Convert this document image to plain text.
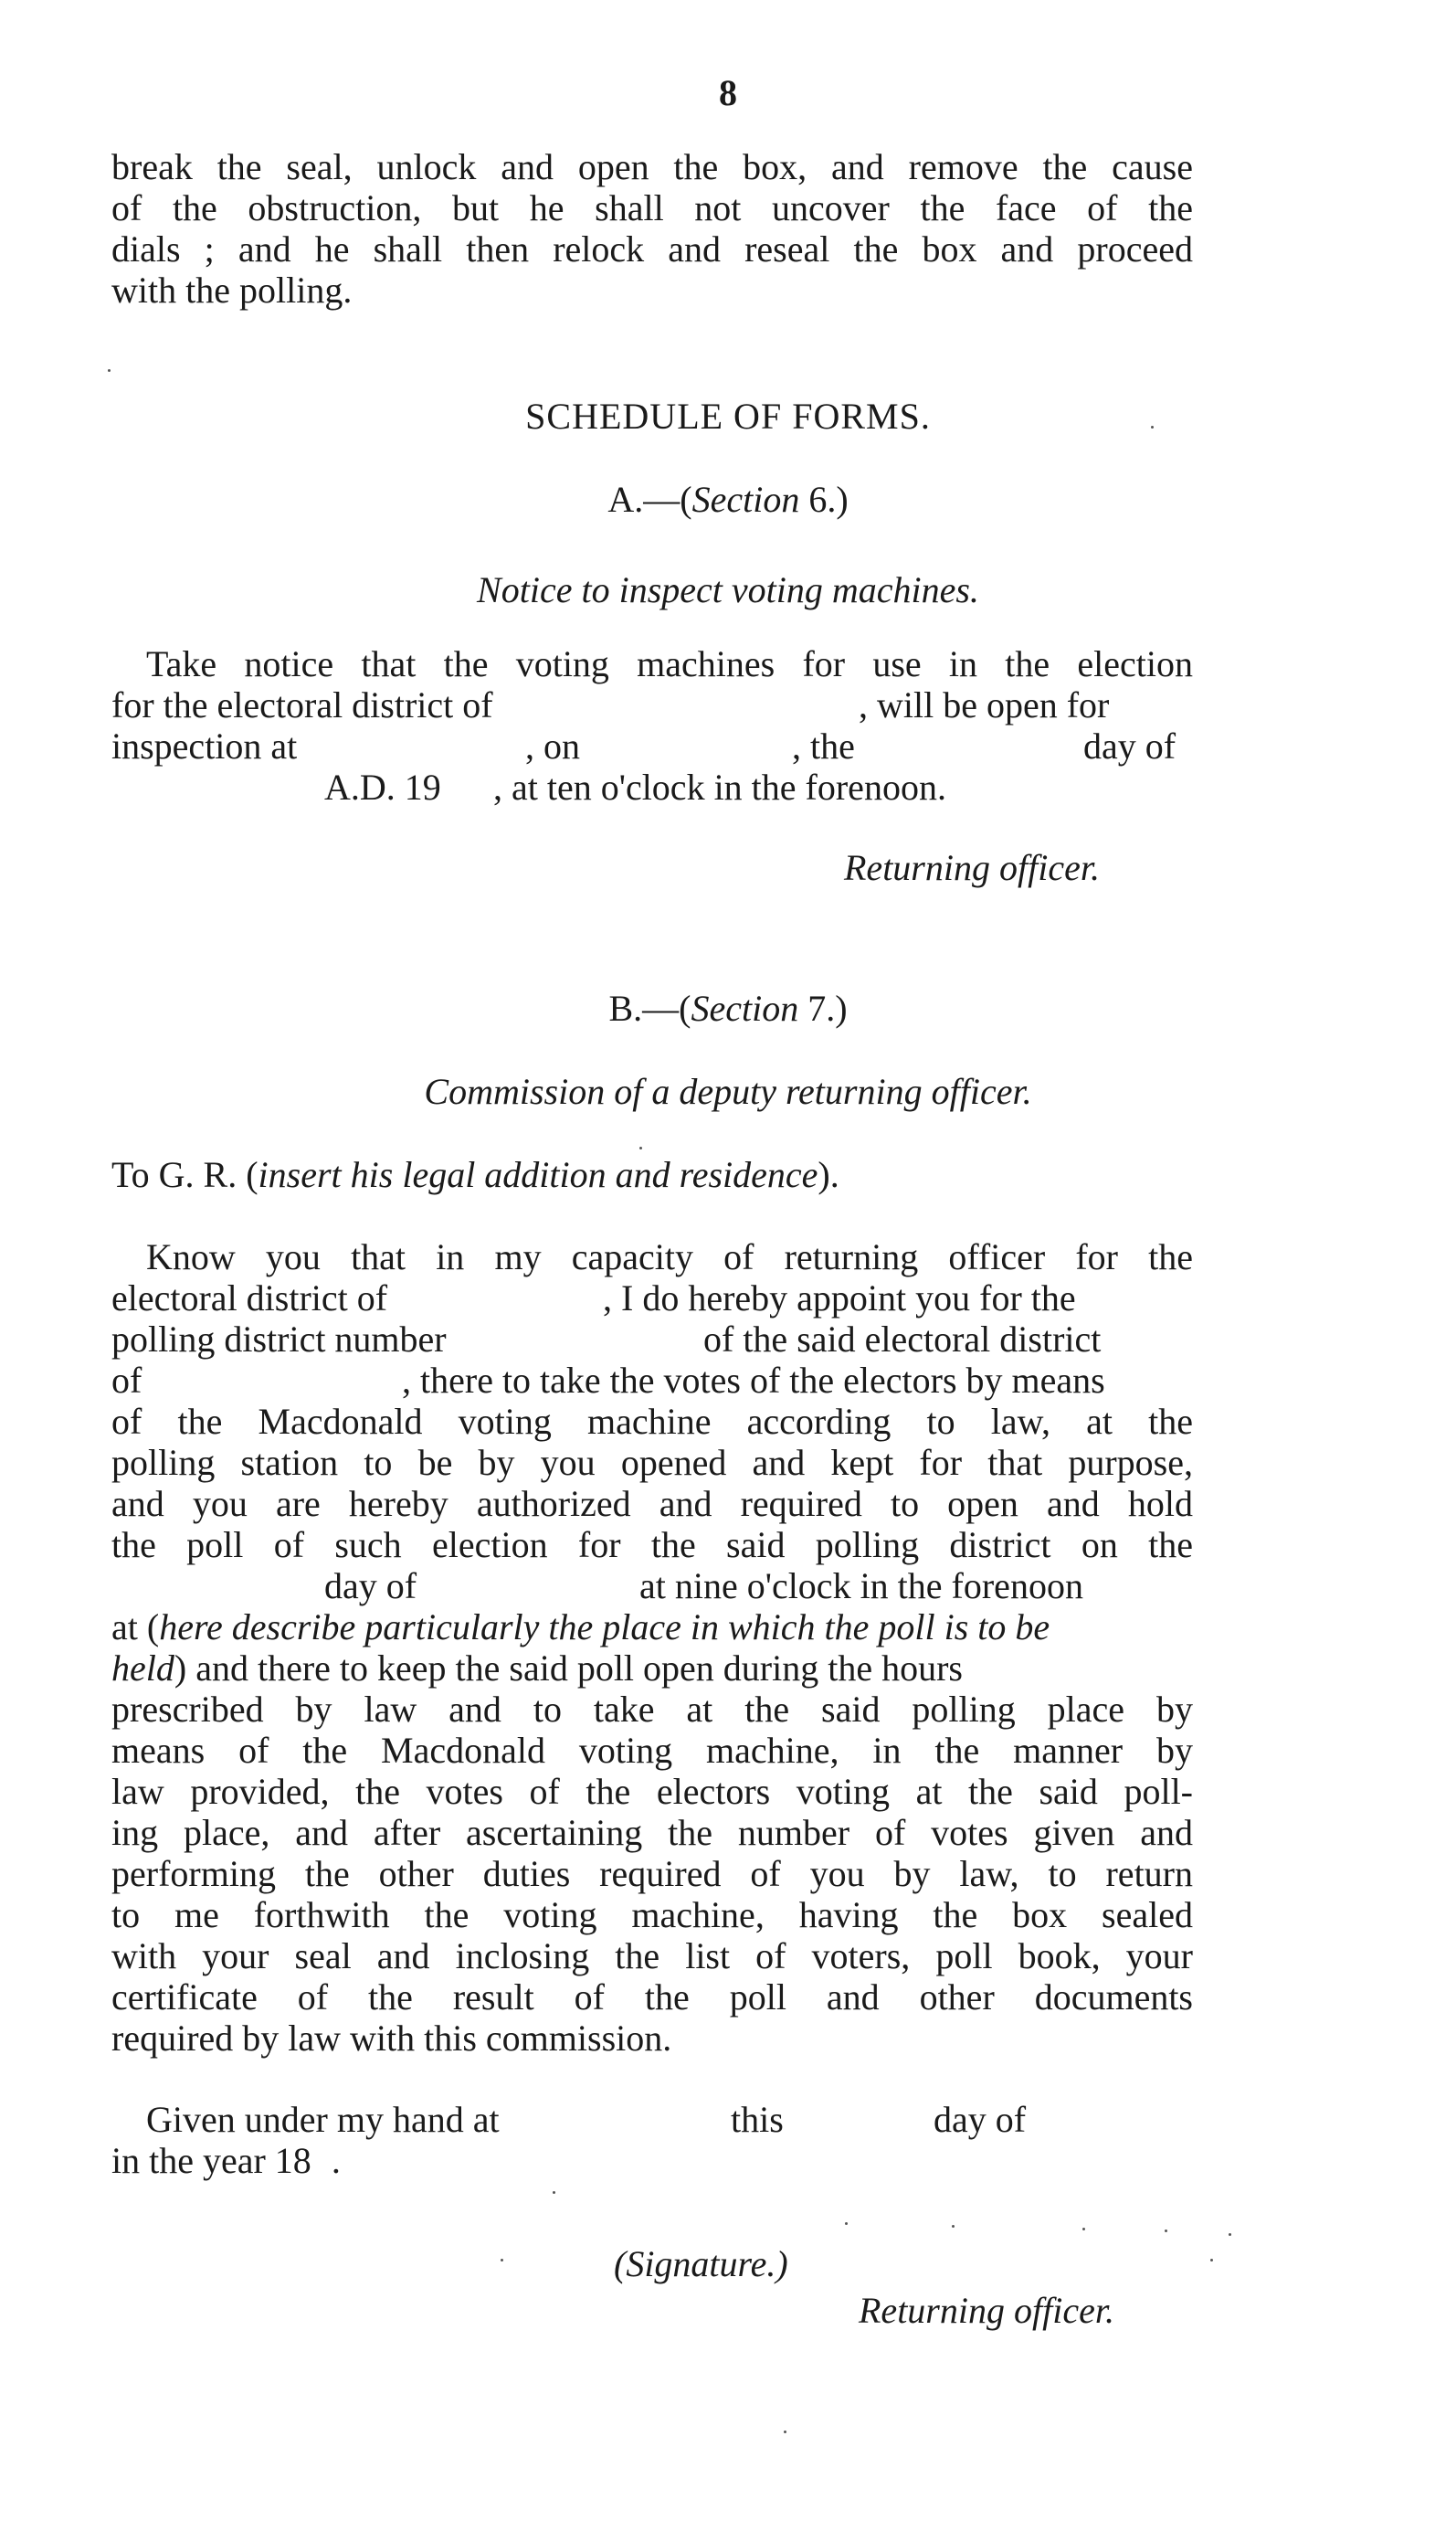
8
break the seal, unlock and open the box, and remove the cause
of the obstruction, but he shall not uncover the face of the
dials ; and he shall then relock and reseal the box and proceed
with the polling.
SCHEDULE OF FORMS.
A.—(Section 6.)
Notice to inspect voting machines.
Take notice that the voting machines for use in the election
for the electoral district of	, will be open for
inspection at	, on	, the	day of
A.D. 19 , at ten o'clock in the forenoon.
Returning officer.
B.—(Section 7.)
Commission of a deputy returning officer.
To G. R. (insert his legal addition and residence).
Know you that in my capacity of returning officer for the
electoral district of	, I do hereby appoint you for the
polling district number	of the said electoral district
of	, there to take the votes of the electors by means
of the Macdonald voting machine according to law, at the
polling station to be by you opened and kept for that purpose,
and you are hereby authorized and required to open and hold
the poll of such election for the said polling district on the
day of	at nine o'clock in the forenoon
at (here describe particularly the place in which the poll is to be
held) and there to keep the said poll open during the hours
prescribed by law and to take at the said polling place by
means of the Macdonald voting machine, in the manner by
law provided, the votes of the electors voting at the said poll-
ing place, and after ascertaining the number of votes given and
performing the other duties required of you by law, to return
to me forthwith the voting machine, having the box sealed
with your seal and inclosing the list of voters, poll book, your
certificate of the result of the poll and other documents
required by law with this commission.
Given under my hand at	this	day of
in the year 18 .
(Signature.)
Returning officer.
